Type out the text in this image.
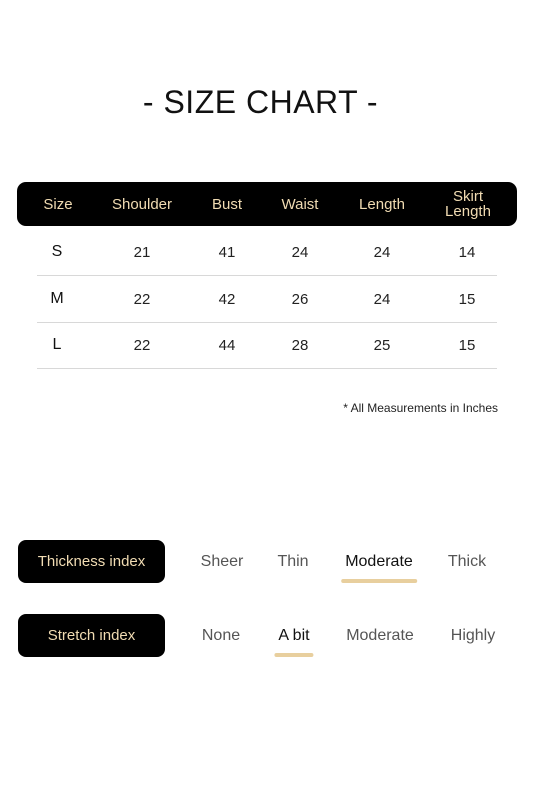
- SIZE CHART -
Size	Shoulder	Bust	Waist	Length	Skirt
Length
S	21	41	24	24	14
M	22	42	26	24	15
L	22	44	28	25	15
* All Measurements in Inches
Thickness index	Sheer Thin Moderate Thick
Stretch index	None A bit Moderate Highly
